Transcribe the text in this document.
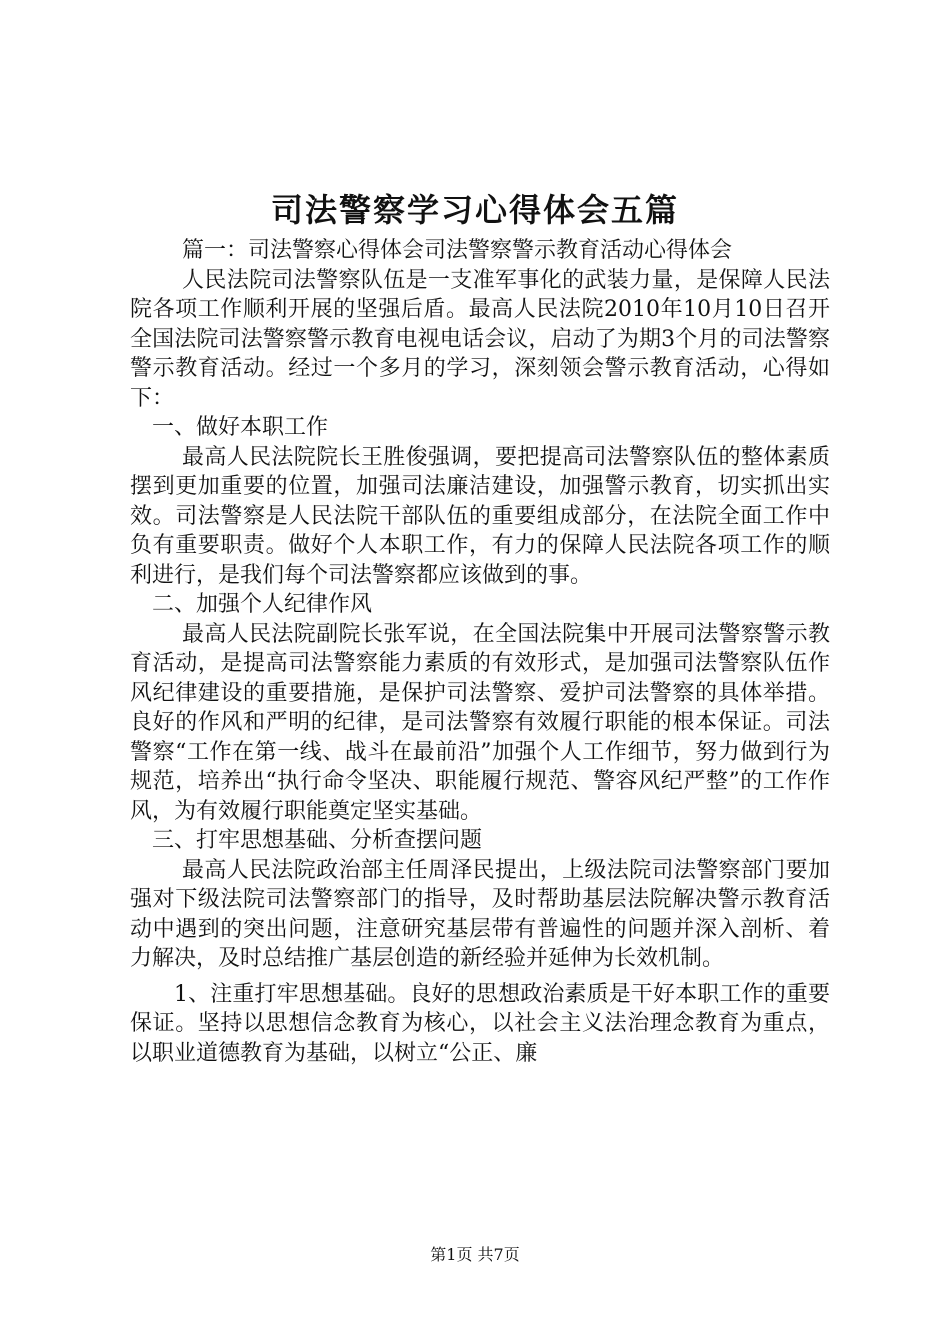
司法警察学习心得体会五篇

篇一：司法警察心得体会司法警察警示教育活动心得体会

人民法院司法警察队伍是一支准军事化的武装力量，是保障人民法院各项工作顺利开展的坚强后盾。最高人民法院2010年10月10日召开全国法院司法警察警示教育电视电话会议，启动了为期3个月的司法警察警示教育活动。经过一个多月的学习，深刻领会警示教育活动，心得如下：

一、做好本职工作

最高人民法院院长王胜俊强调，要把提高司法警察队伍的整体素质摆到更加重要的位置，加强司法廉洁建设，加强警示教育，切实抓出实效。司法警察是人民法院干部队伍的重要组成部分，在法院全面工作中负有重要职责。做好个人本职工作，有力的保障人民法院各项工作的顺利进行，是我们每个司法警察都应该做到的事。

二、加强个人纪律作风

最高人民法院副院长张军说，在全国法院集中开展司法警察警示教育活动，是提高司法警察能力素质的有效形式，是加强司法警察队伍作风纪律建设的重要措施，是保护司法警察、爱护司法警察的具体举措。良好的作风和严明的纪律，是司法警察有效履行职能的根本保证。司法警察“工作在第一线、战斗在最前沿”加强个人工作细节，努力做到行为规范，培养出“执行命令坚决、职能履行规范、警容风纪严整”的工作作风，为有效履行职能奠定坚实基础。

三、打牢思想基础、分析查摆问题

最高人民法院政治部主任周泽民提出，上级法院司法警察部门要加强对下级法院司法警察部门的指导，及时帮助基层法院解决警示教育活动中遇到的突出问题，注意研究基层带有普遍性的问题并深入剖析、着力解决，及时总结推广基层创造的新经验并延伸为长效机制。

1、注重打牢思想基础。良好的思想政治素质是干好本职工作的重要保证。坚持以思想信念教育为核心，以社会主义法治理念教育为重点，以职业道德教育为基础，以树立“公正、廉

第1页 共7页
